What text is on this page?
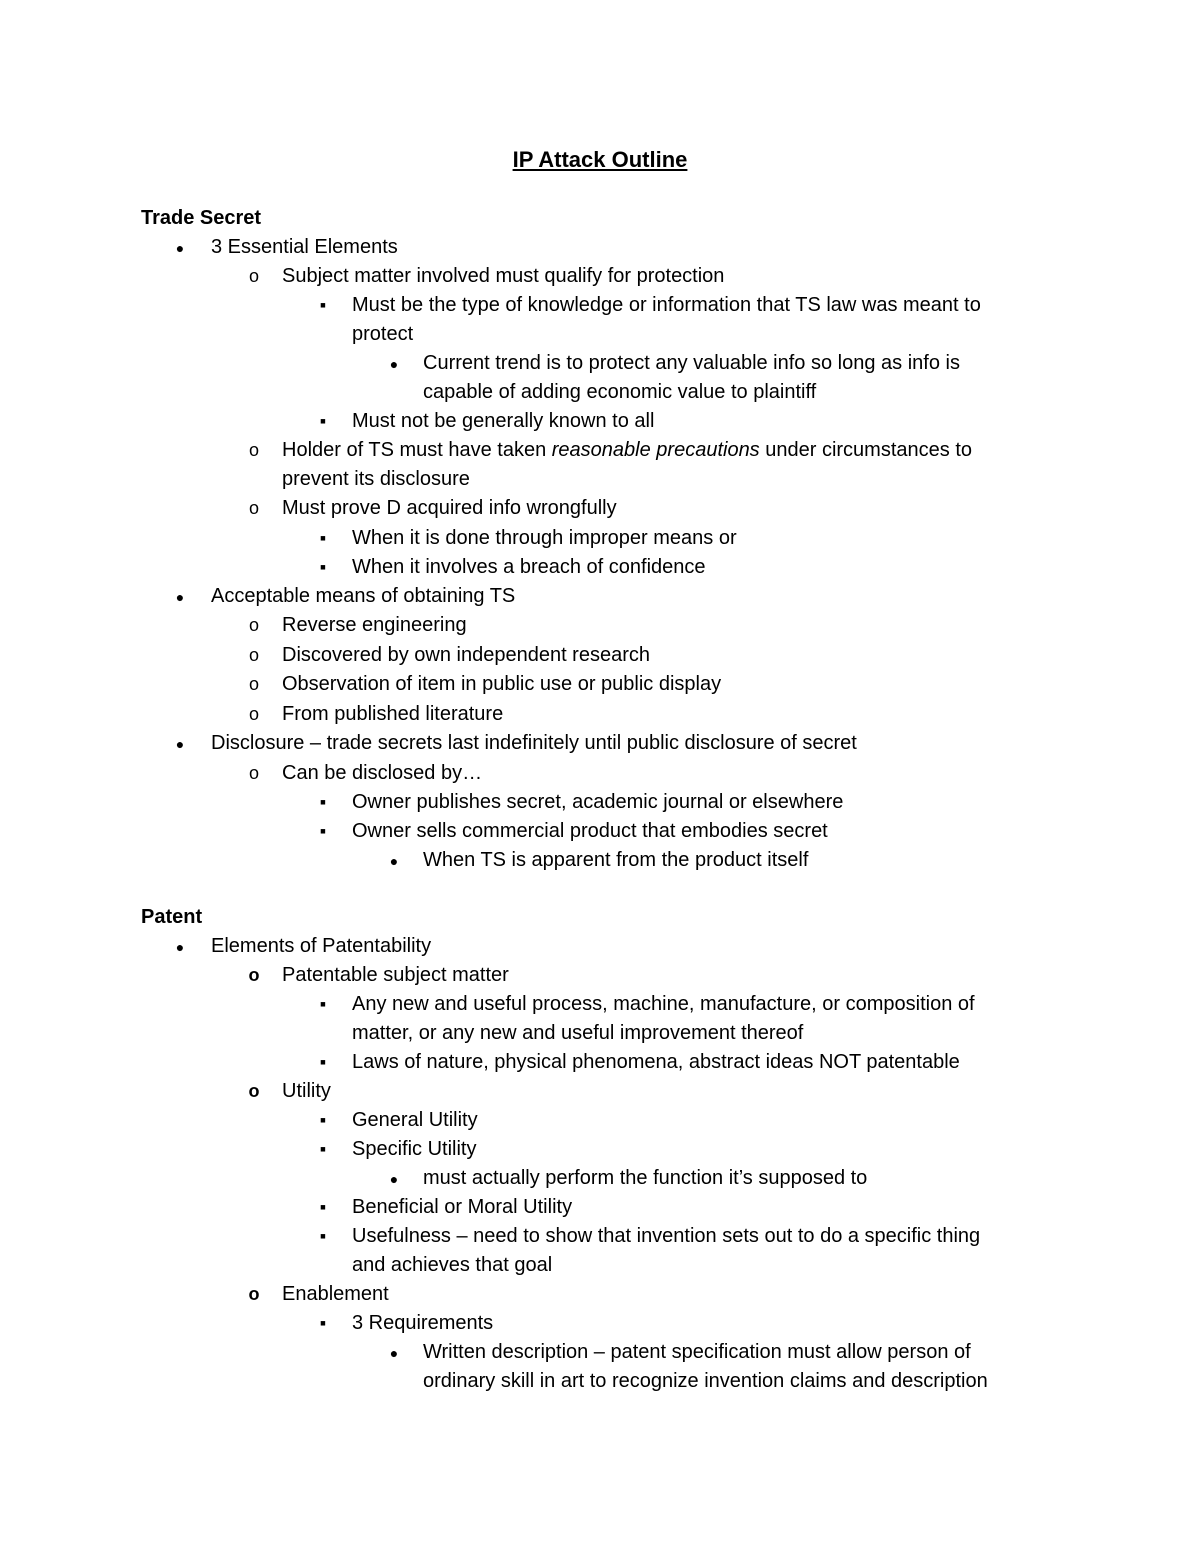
IP Attack Outline
Trade Secret
●
3 Essential Elements
o
Subject matter involved must qualify for protection
▪
Must be the type of knowledge or information that TS law was meant to
protect
●
Current trend is to protect any valuable info so long as info is
capable of adding economic value to plaintiff
▪
Must not be generally known to all
o
Holder of TS must have taken reasonable precautions under circumstances to
prevent its disclosure
o
Must prove D acquired info wrongfully
▪
When it is done through improper means or
▪
When it involves a breach of confidence
●
Acceptable means of obtaining TS
o
Reverse engineering
o
Discovered by own independent research
o
Observation of item in public use or public display
o
From published literature
●
Disclosure – trade secrets last indefinitely until public disclosure of secret
o
Can be disclosed by…
▪
Owner publishes secret, academic journal or elsewhere
▪
Owner sells commercial product that embodies secret
●
When TS is apparent from the product itself
Patent
●
Elements of Patentability
o
Patentable subject matter
▪
Any new and useful process, machine, manufacture, or composition of
matter, or any new and useful improvement thereof
▪
Laws of nature, physical phenomena, abstract ideas NOT patentable
o
Utility
▪
General Utility
▪
Specific Utility
●
must actually perform the function it’s supposed to
▪
Beneficial or Moral Utility
▪
Usefulness – need to show that invention sets out to do a specific thing
and achieves that goal
o
Enablement
▪
3 Requirements
●
Written description – patent specification must allow person of
ordinary skill in art to recognize invention claims and description
